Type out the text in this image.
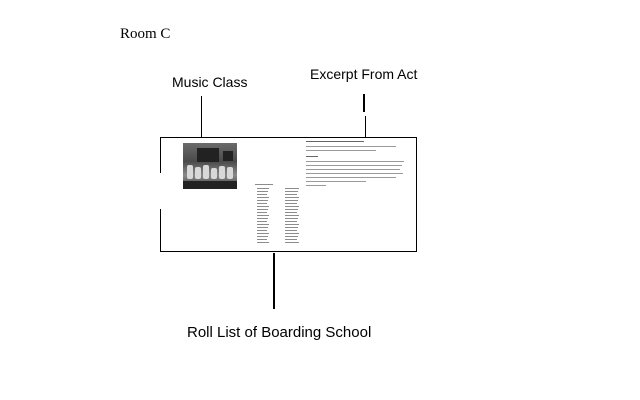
Room C
Music Class	Excerpt From Act
Roll List of Boarding School
